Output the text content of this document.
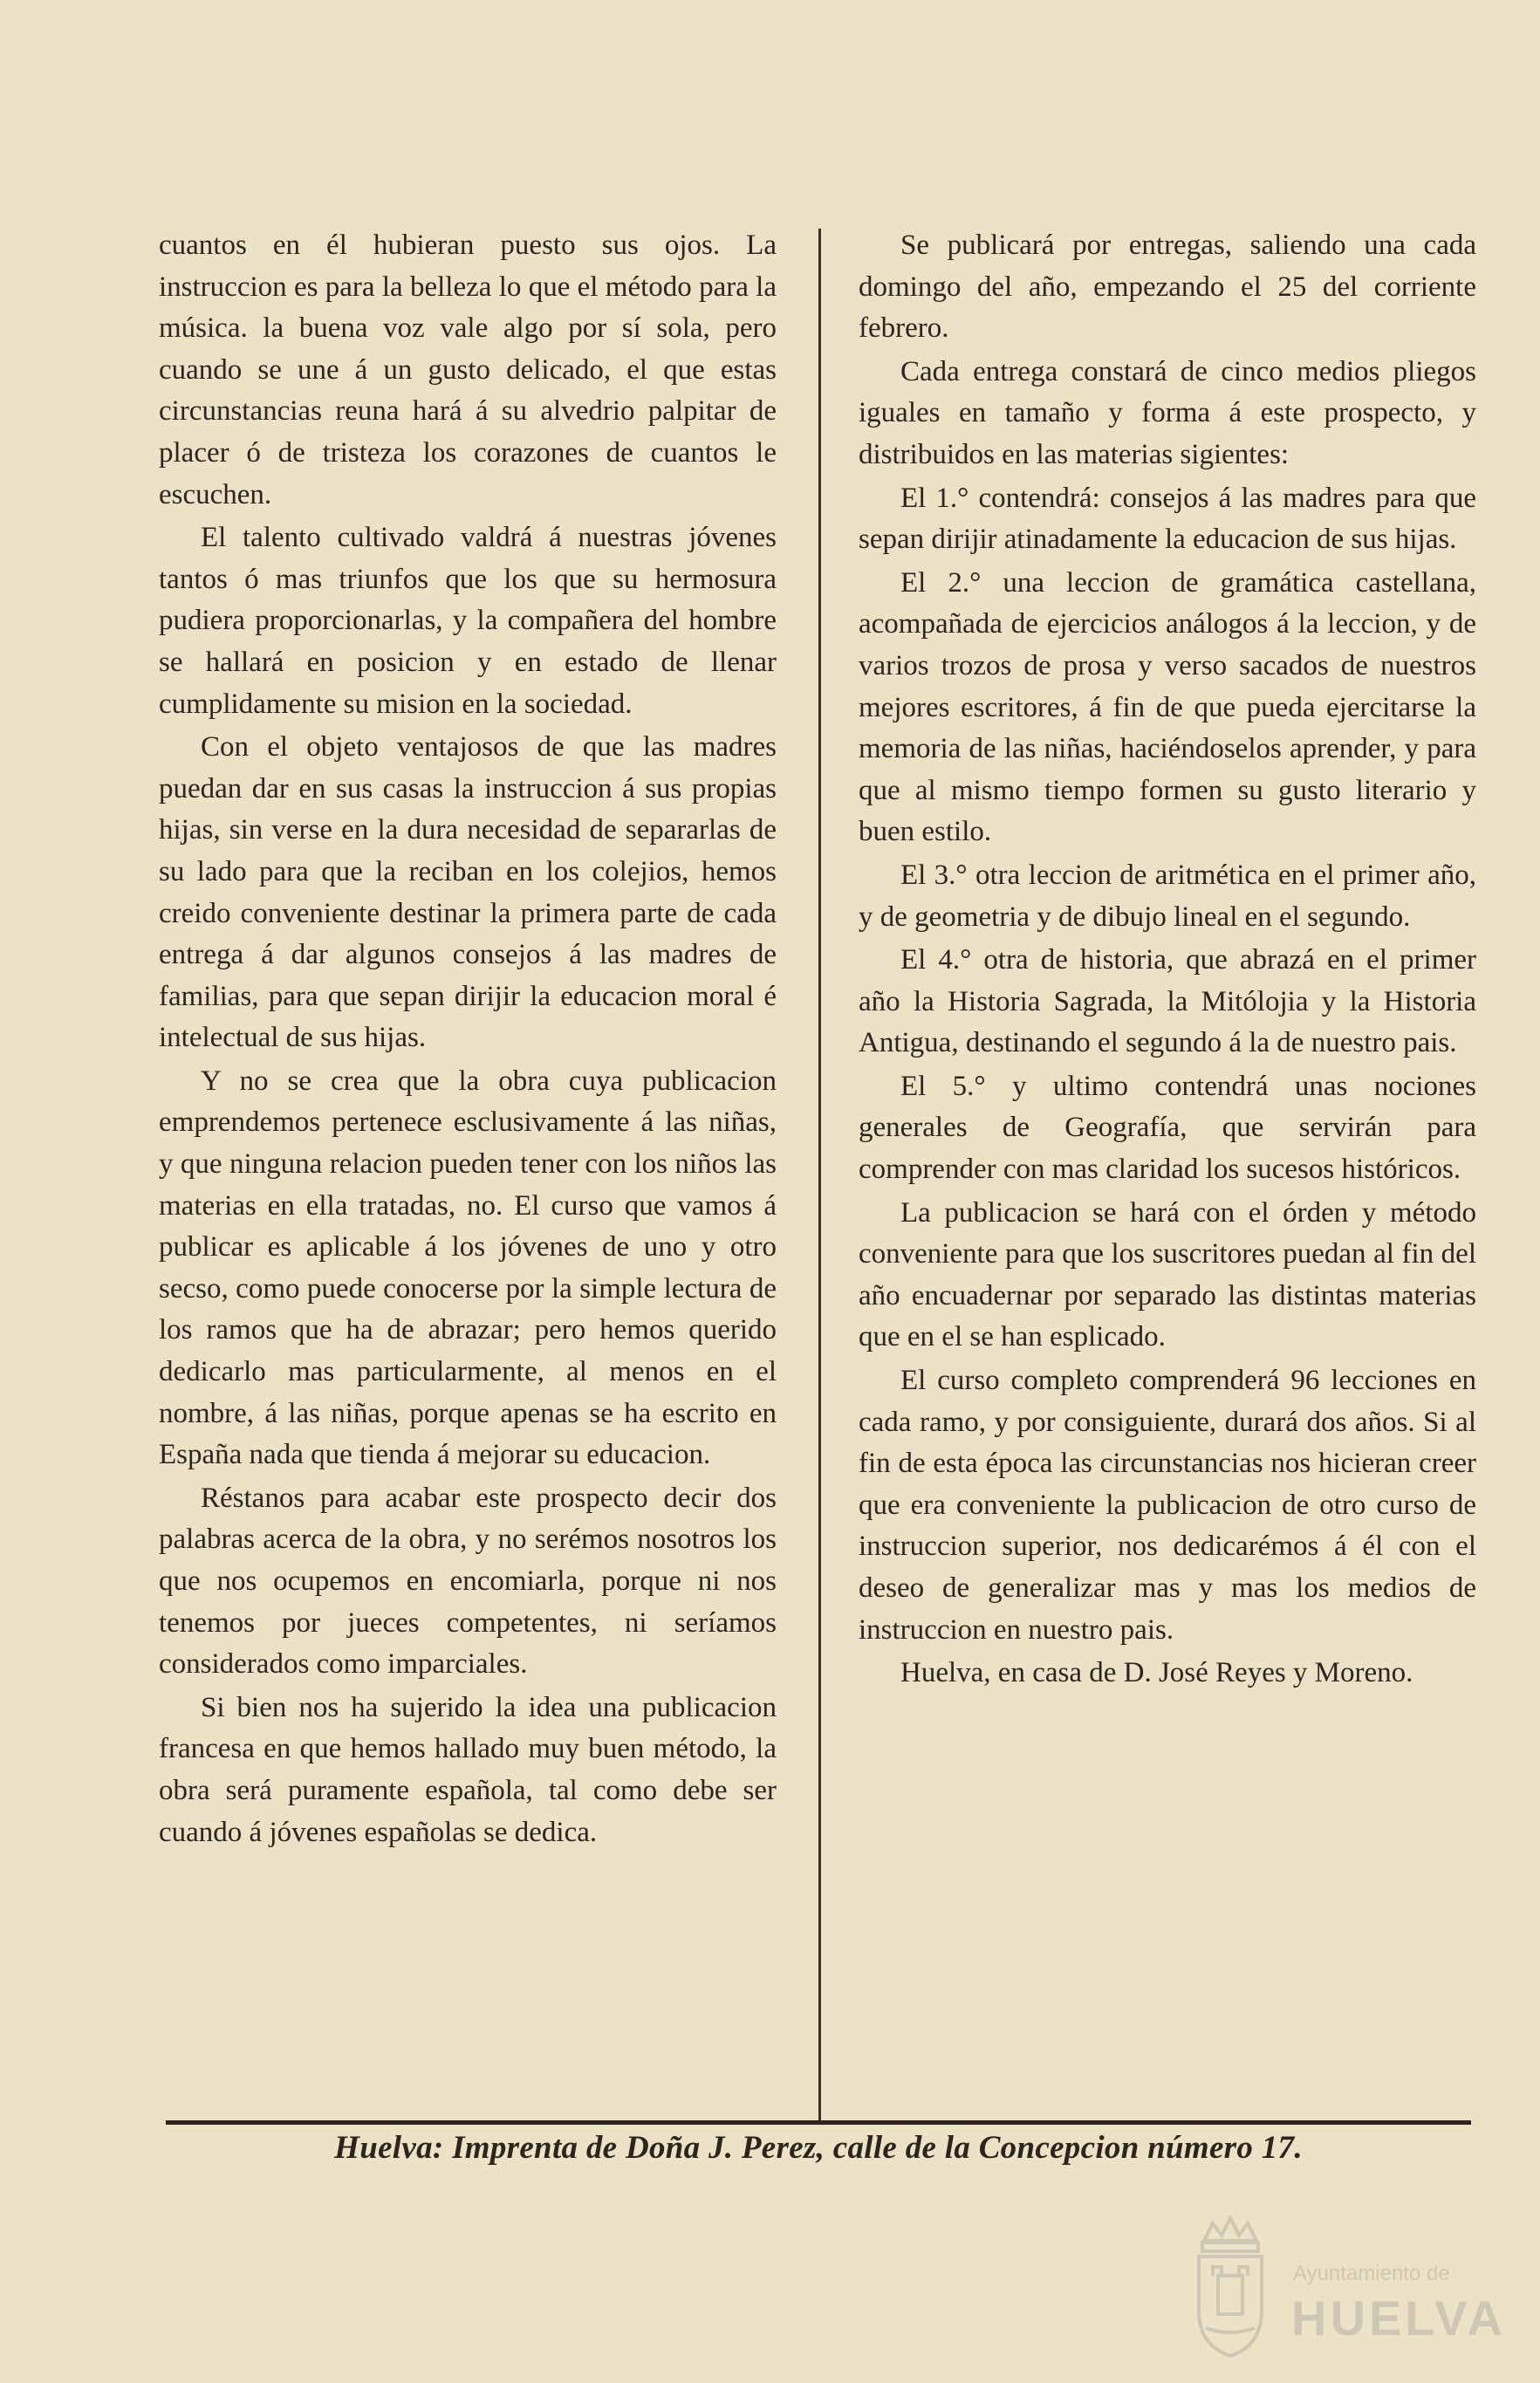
cuantos en él hubieran puesto sus ojos. La instruccion es para la belleza lo que el método para la música. la buena voz vale algo por sí sola, pero cuando se une á un gusto delicado, el que estas circunstancias reuna hará á su alvedrio palpitar de placer ó de tristeza los corazones de cuantos le escuchen.

El talento cultivado valdrá á nuestras jóvenes tantos ó mas triunfos que los que su hermosura pudiera proporcionarlas, y la compañera del hombre se hallará en posicion y en estado de llenar cumplidamente su mision en la sociedad.

Con el objeto ventajosos de que las madres puedan dar en sus casas la instruccion á sus propias hijas, sin verse en la dura necesidad de separarlas de su lado para que la reciban en los colejios, hemos creido conveniente destinar la primera parte de cada entrega á dar algunos consejos á las madres de familias, para que sepan dirijir la educacion moral é intelectual de sus hijas.

Y no se crea que la obra cuya publicacion emprendemos pertenece esclusivamente á las niñas, y que ninguna relacion pueden tener con los niños las materias en ella tratadas, no. El curso que vamos á publicar es aplicable á los jóvenes de uno y otro secso, como puede conocerse por la simple lectura de los ramos que ha de abrazar; pero hemos querido dedicarlo mas particularmente, al menos en el nombre, á las niñas, porque apenas se ha escrito en España nada que tienda á mejorar su educacion.

Réstanos para acabar este prospecto decir dos palabras acerca de la obra, y no serémos nosotros los que nos ocupemos en encomiarla, porque ni nos tenemos por jueces competentes, ni seríamos considerados como imparciales.

Si bien nos ha sujerido la idea una publicacion francesa en que hemos hallado muy buen método, la obra será puramente española, tal como debe ser cuando á jóvenes españolas se dedica.

Se publicará por entregas, saliendo una cada domingo del año, empezando el 25 del corriente febrero.

Cada entrega constará de cinco medios pliegos iguales en tamaño y forma á este prospecto, y distribuidos en las materias sigientes:

El 1.° contendrá: consejos á las madres para que sepan dirijir atinadamente la educacion de sus hijas.

El 2.° una leccion de gramática castellana, acompañada de ejercicios análogos á la leccion, y de varios trozos de prosa y verso sacados de nuestros mejores escritores, á fin de que pueda ejercitarse la memoria de las niñas, haciéndoselos aprender, y para que al mismo tiempo formen su gusto literario y buen estilo.

El 3.° otra leccion de aritmética en el primer año, y de geometria y de dibujo lineal en el segundo.

El 4.° otra de historia, que abrazá en el primer año la Historia Sagrada, la Mitólojia y la Historia Antigua, destinando el segundo á la de nuestro pais.

El 5.° y ultimo contendrá unas nociones generales de Geografía, que servirán para comprender con mas claridad los sucesos históricos.

La publicacion se hará con el órden y método conveniente para que los suscritores puedan al fin del año encuadernar por separado las distintas materias que en el se han esplicado.

El curso completo comprenderá 96 lecciones en cada ramo, y por consiguiente, durará dos años. Si al fin de esta época las circunstancias nos hicieran creer que era conveniente la publicacion de otro curso de instruccion superior, nos dedicarémos á él con el deseo de generalizar mas y mas los medios de instruccion en nuestro pais.

Huelva, en casa de D. José Reyes y Moreno.

Huelva: Imprenta de Doña J. Perez, calle de la Concepcion número 17.
Ayuntamiento de
HUELVA
